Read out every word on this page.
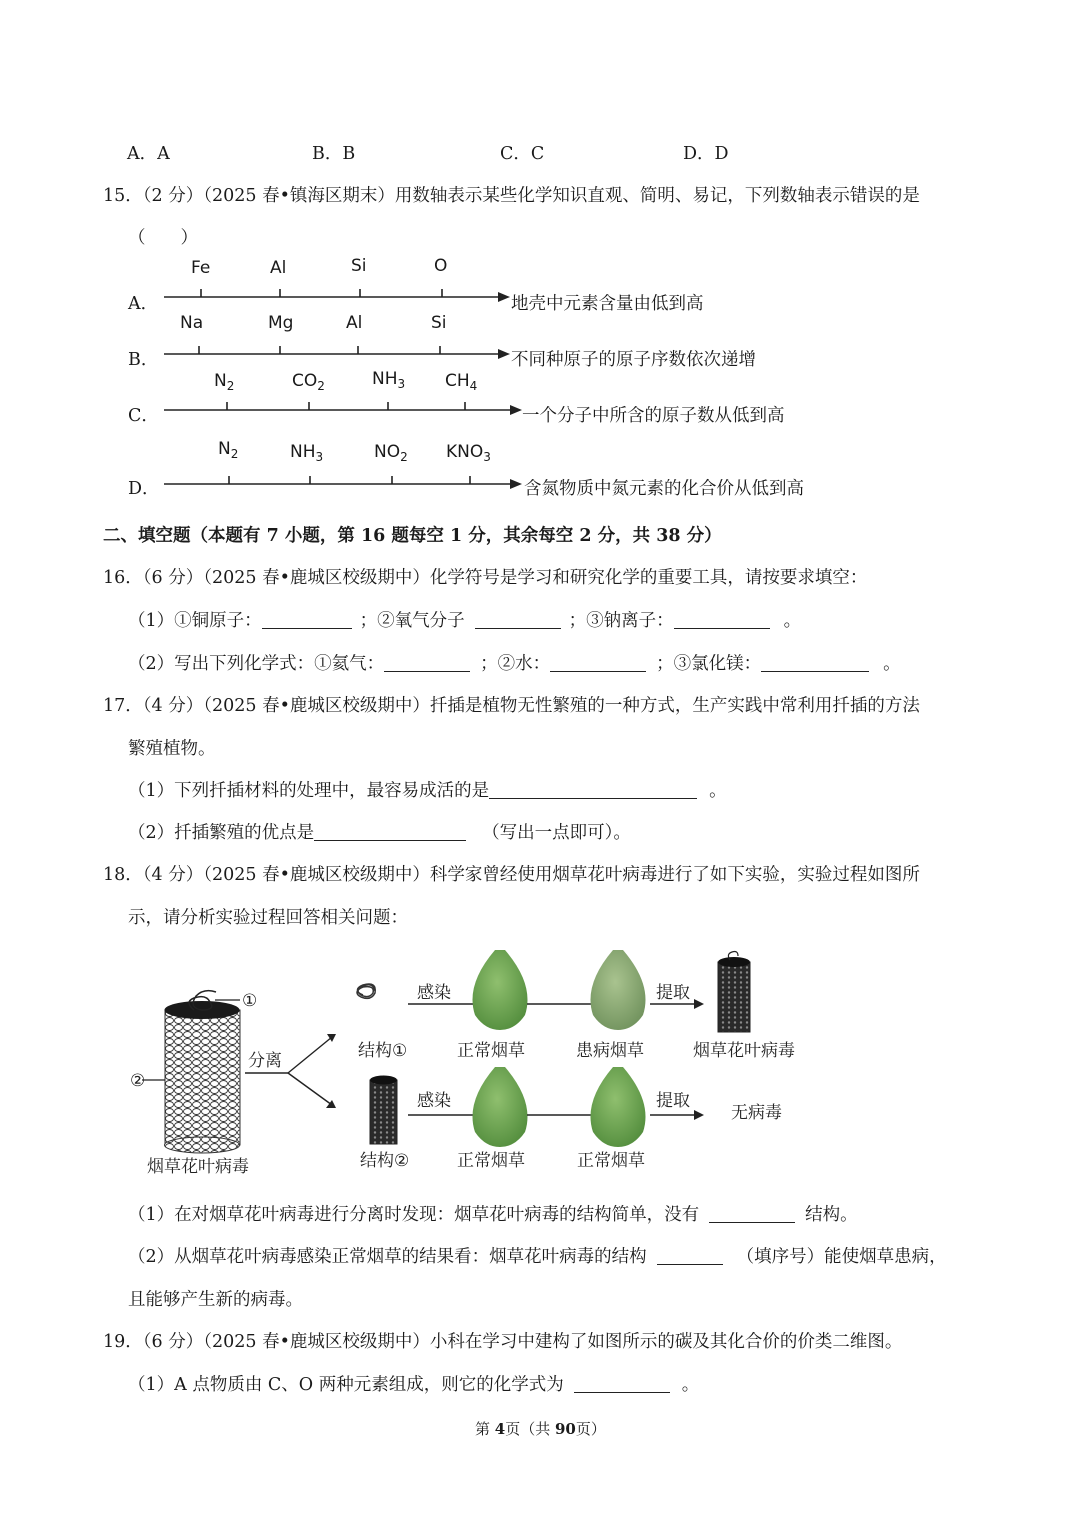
A．A	B．B	C．C	D．D
15．（2 分）（2025 春•镇海区期末）用数轴表示某些化学知识直观、简明、易记，下列数轴表示错误的是
（　　）
A．
Fe	Al	Si	O
地壳中元素含量由低到高
B．
Na	Mg	Al	Si
不同种原子的原子序数依次递增
C．
$N_2$	$CO_2$	$NH_3$ $CH_4$
一个分子中所含的原子数从低到高
D．
$N_2$	$NH_3$	$NO_2$ $KNO_3$
含氮物质中氮元素的化合价从低到高
二、填空题（本题有 7 小题，第 16 题每空 1 分，其余每空 2 分，共 38 分）
16．（6 分）（2025 春•鹿城区校级期中）化学符号是学习和研究化学的重要工具，请按要求填空：
（1）①铜原子：	；②氧气分子	；③钠离子：	。
（2）写出下列化学式：①氦气：	；②水：	；③氯化镁：	。
17．（4 分）（2025 春•鹿城区校级期中）扦插是植物无性繁殖的一种方式，生产实践中常利用扦插的方法
繁殖植物。
（1）下列扦插材料的处理中，最容易成活的是	。
（2）扦插繁殖的优点是	（写出一点即可）。
18．（4 分）（2025 春•鹿城区校级期中）科学家曾经使用烟草花叶病毒进行了如下实验，实验过程如图所
示，请分析实验过程回答相关问题：
①
②
烟草花叶病毒
分离	结构①
感染
正常烟草	患病烟草
提取
烟草花叶病毒
结构②
感染
正常烟草	正常烟草
提取
无病毒
（1）在对烟草花叶病毒进行分离时发现：烟草花叶病毒的结构简单，没有	结构。
（2）从烟草花叶病毒感染正常烟草的结果看：烟草花叶病毒的结构	（填序号）能使烟草患病，
且能够产生新的病毒。
19．（6 分）（2025 春•鹿城区校级期中）小科在学习中建构了如图所示的碳及其化合价的价类二维图。
（1）A 点物质由 C、O 两种元素组成，则它的化学式为	。
第 4页（共 90页）
